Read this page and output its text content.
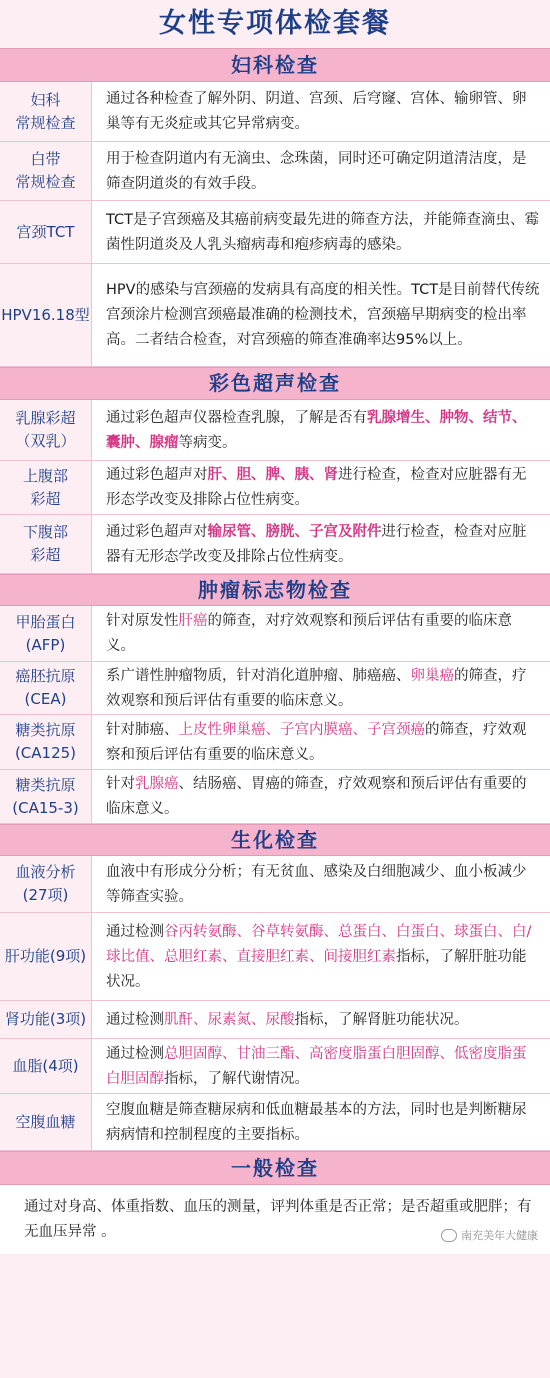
女性专项体检套餐
妇科检查
妇科
常规检查
通过各种检查了解外阴、阴道、宫颈、后穹窿、宫体、输卵管、卵巢等有无炎症或其它异常病变。
白带
常规检查
用于检查阴道内有无滴虫、念珠菌，同时还可确定阴道清洁度，是筛查阴道炎的有效手段。
宫颈TCT
TCT是子宫颈癌及其癌前病变最先进的筛查方法，并能筛查滴虫、霉菌性阴道炎及人乳头瘤病毒和疱疹病毒的感染。
HPV16.18型
HPV的感染与宫颈癌的发病具有高度的相关性。TCT是目前替代传统宫颈涂片检测宫颈癌最准确的检测技术，宫颈癌早期病变的检出率高。二者结合检查，对宫颈癌的筛查准确率达95%以上。
彩色超声检查
乳腺彩超
（双乳）
通过彩色超声仪器检查乳腺，了解是否有乳腺增生、肿物、结节、囊肿、腺瘤等病变。
上腹部
彩超
通过彩色超声对肝、胆、脾、胰、肾进行检查，检查对应脏器有无形态学改变及排除占位性病变。
下腹部
彩超
通过彩色超声对输尿管、膀胱、子宫及附件进行检查，检查对应脏器有无形态学改变及排除占位性病变。
肿瘤标志物检查
甲胎蛋白
(AFP)
针对原发性肝癌的筛查，对疗效观察和预后评估有重要的临床意义。
癌胚抗原
(CEA)
系广谱性肿瘤物质，针对消化道肿瘤、肺癌癌、卵巢癌的筛查，疗效观察和预后评估有重要的临床意义。
糖类抗原
(CA125)
针对肺癌、上皮性卵巢癌、子宫内膜癌、子宫颈癌的筛查，疗效观察和预后评估有重要的临床意义。
糖类抗原
(CA15-3)
针对乳腺癌、结肠癌、胃癌的筛查，疗效观察和预后评估有重要的临床意义。
生化检查
血液分析
(27项)
血液中有形成分分析；有无贫血、感染及白细胞减少、血小板减少等筛查实验。
肝功能(9项)
通过检测谷丙转氨酶、谷草转氨酶、总蛋白、白蛋白、球蛋白、白/球比值、总胆红素、直接胆红素、间接胆红素指标，了解肝脏功能状况。
肾功能(3项)	通过检测肌酐、尿素氮、尿酸指标，了解肾脏功能状况。
血脂(4项)
通过检测总胆固醇、甘油三酯、高密度脂蛋白胆固醇、低密度脂蛋白胆固醇指标，了解代谢情况。
空腹血糖
空腹血糖是筛查糖尿病和低血糖最基本的方法，同时也是判断糖尿病病情和控制程度的主要指标。
一般检查
通过对身高、体重指数、血压的测量，评判体重是否正常；是否超重或肥胖；有无血压异常 。	南充美年大健康
